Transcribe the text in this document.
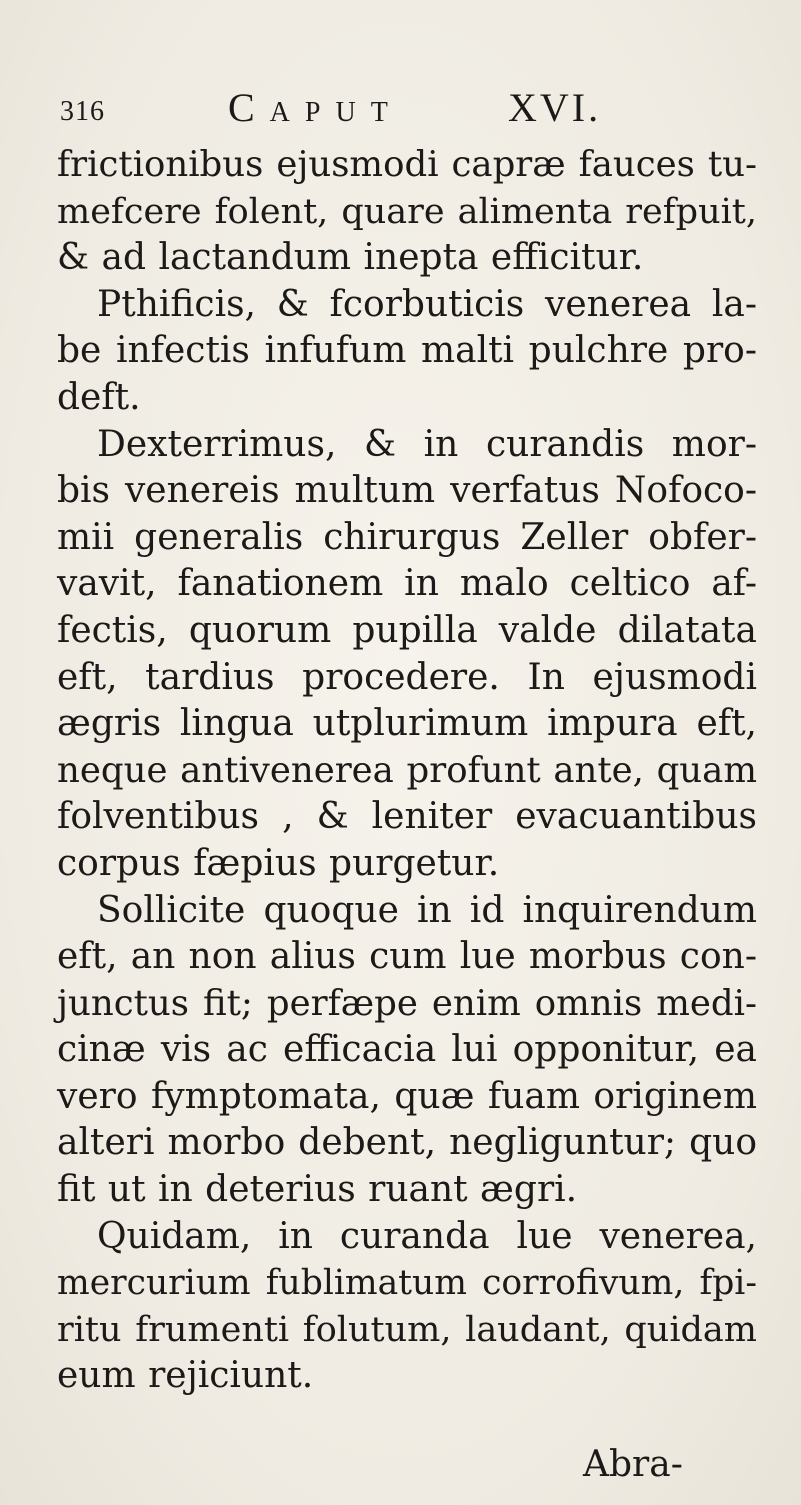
316	Caput	XVI.
frictionibus ejusmodi capræ fauces tu-
mefcere folent, quare alimenta refpuit,
& ad lactandum inepta efficitur.
Pthificis, & fcorbuticis venerea la-
be infectis infufum malti pulchre pro-
deft.
Dexterrimus, & in curandis mor-
bis venereis multum verfatus Nofoco-
mii generalis chirurgus Zeller obfer-
vavit, fanationem in malo celtico af-
fectis, quorum pupilla valde dilatata
eft, tardius procedere. In ejusmodi
ægris lingua utplurimum impura eft,
neque antivenerea profunt ante, quam
folventibus , & leniter evacuantibus
corpus fæpius purgetur.
Sollicite quoque in id inquirendum
eft, an non alius cum lue morbus con-
junctus fit; perfæpe enim omnis medi-
cinæ vis ac efficacia lui opponitur, ea
vero fymptomata, quæ fuam originem
alteri morbo debent, negliguntur; quo
fit ut in deterius ruant ægri.
Quidam, in curanda lue venerea,
mercurium fublimatum corrofivum, fpi-
ritu frumenti folutum, laudant, quidam
eum rejiciunt.
Abra-
